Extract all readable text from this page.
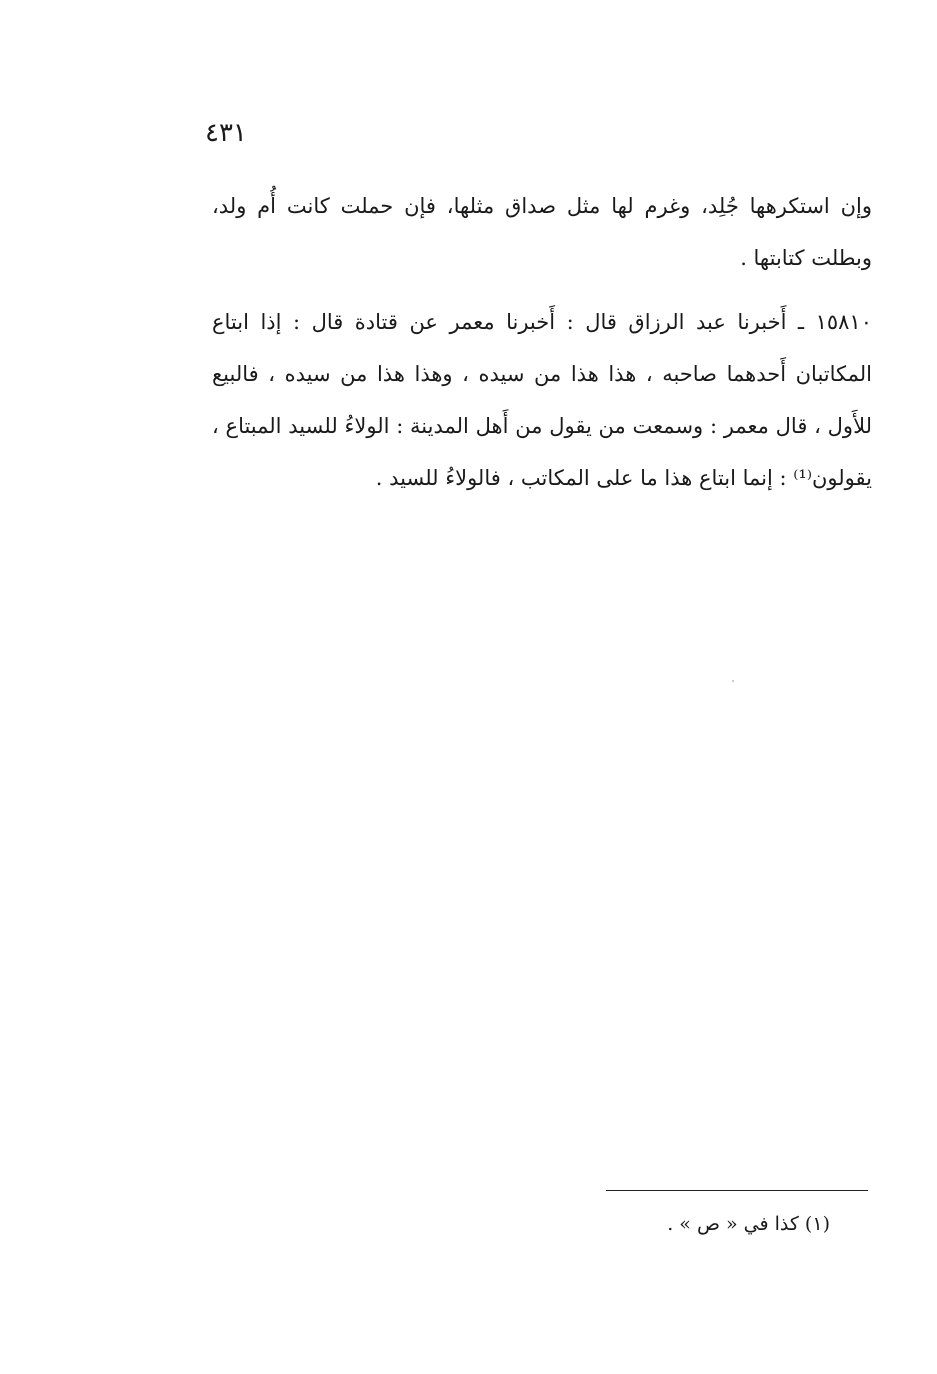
٤٣١

وإن استكرهها جُلِد، وغرم لها مثل صداق مثلها، فإن حملت كانت أُم ولد، وبطلت كتابتها .

١٥٨١٠ ـ أَخبرنا عبد الرزاق قال : أَخبرنا معمر عن قتادة قال : إذا ابتاع المكاتبان أَحدهما صاحبه ، هذا هذا من سيده ، وهذا هذا من سيده ، فالبيع للأَول ، قال معمر : وسمعت من يقول من أَهل المدينة : الولاءُ للسيد المبتاع ، يقولون⁽¹⁾ : إنما ابتاع هذا ما على المكاتب ، فالولاءُ للسيد .

(١) كذا في « ص » .
